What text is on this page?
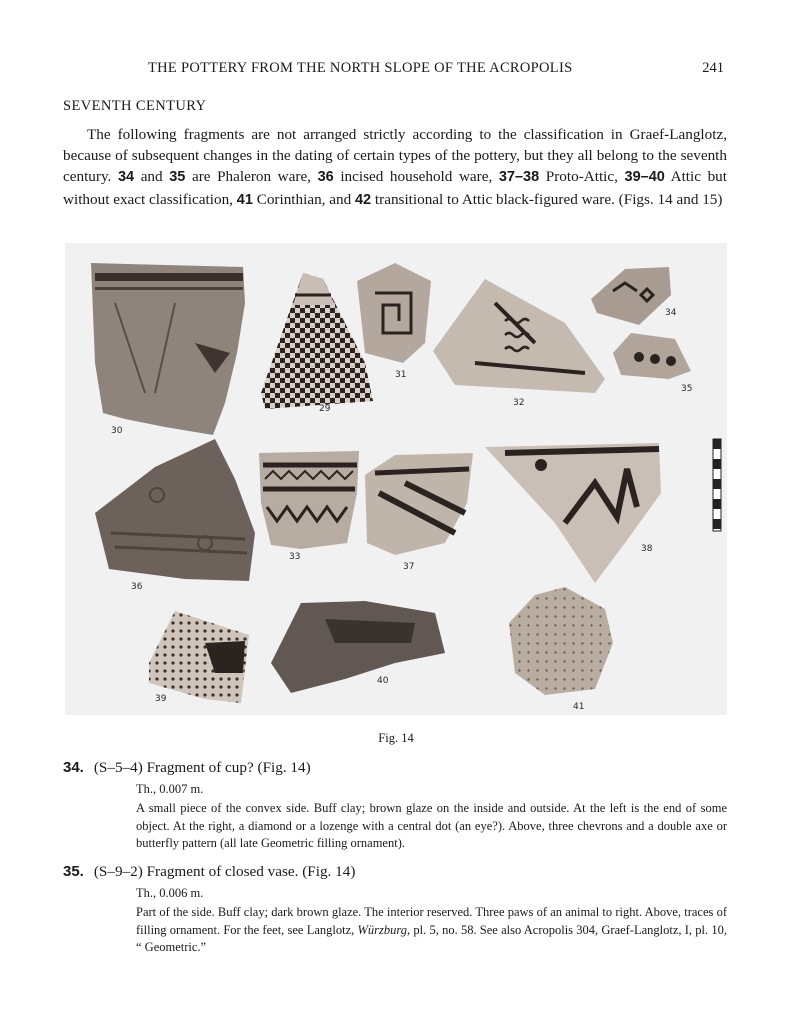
THE POTTERY FROM THE NORTH SLOPE OF THE ACROPOLIS	241
SEVENTH CENTURY

The following fragments are not arranged strictly according to the classification in Graef-Langlotz, because of subsequent changes in the dating of certain types of the pottery, but they all belong to the seventh century. 34 and 35 are Phaleron ware, 36 incised household ware, 37–38 Proto-Attic, 39–40 Attic but without exact classification, 41 Corinthian, and 42 transitional to Attic black-figured ware. (Figs. 14 and 15)

30
29
31
32
34
35
33
37
38
36
39
40
41
Fig. 14
34. (S–5–4) Fragment of cup? (Fig. 14)
Th., 0.007 m.
A small piece of the convex side. Buff clay; brown glaze on the inside and outside. At the left is the end of some object. At the right, a diamond or a lozenge with a central dot (an eye?). Above, three chevrons and a double axe or butterfly pattern (all late Geometric filling ornament).
35. (S–9–2) Fragment of closed vase. (Fig. 14)
Th., 0.006 m.
Part of the side. Buff clay; dark brown glaze. The interior reserved. Three paws of an animal to right. Above, traces of filling ornament. For the feet, see Langlotz, Würzburg, pl. 5, no. 58. See also Acropolis 304, Graef-Langlotz, I, pl. 10, “ Geometric.”
